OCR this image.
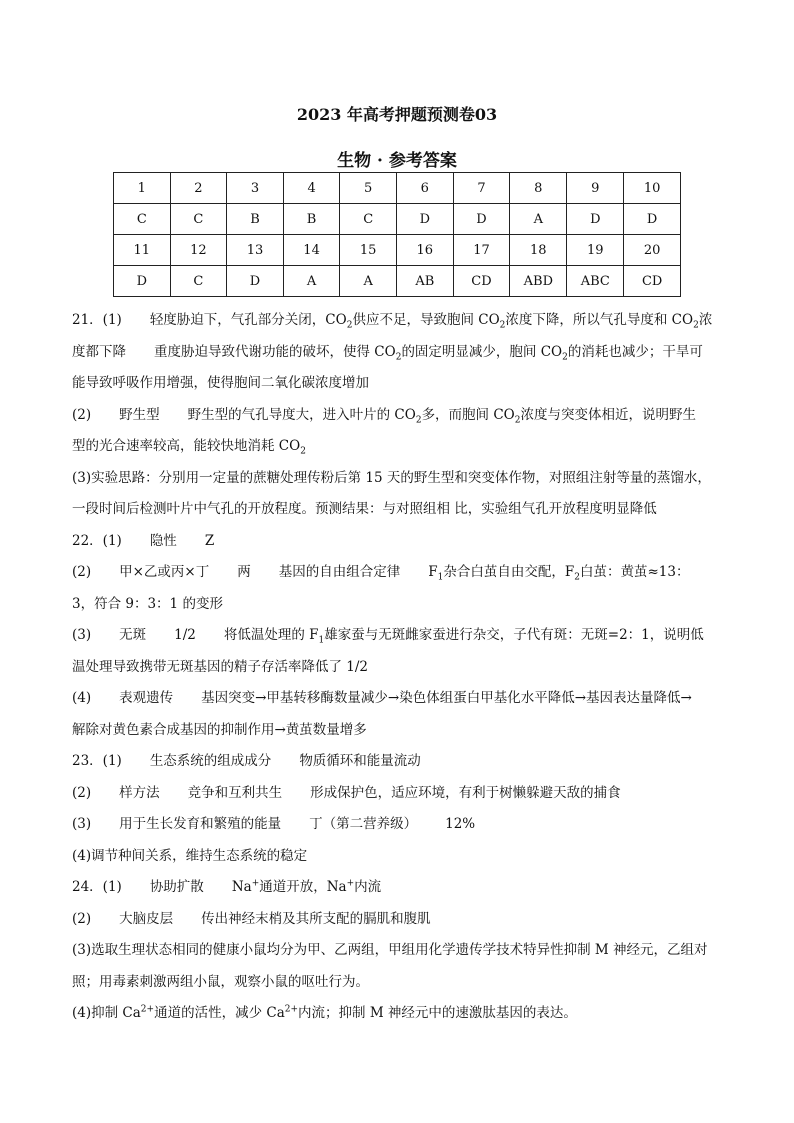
2023 年高考押题预测卷03
生物 · 参考答案
1	2	3	4	5	6	7	8	9	10
C	C	B	B	C	D	D	A	D	D
11	12	13	14	15	16	17	18	19	20
D	C	D	A	A	AB	CD	ABD	ABC	CD
21．(1) 轻度胁迫下，气孔部分关闭，$CO_2$供应不足，导致胞间 $CO_2$浓度下降，所以气孔导度和 $CO_2$浓
度都下降 重度胁迫导致代谢功能的破坏，使得 $CO_2$的固定明显减少，胞间 $CO_2$的消耗也减少；干旱可
能导致呼吸作用增强，使得胞间二氧化碳浓度增加
(2) 野生型 野生型的气孔导度大，进入叶片的 $CO_2$多，而胞间 $CO_2$浓度与突变体相近，说明野生
型的光合速率较高，能较快地消耗 $CO_2$
(3)实验思路：分别用一定量的蔗糖处理传粉后第 15 天的野生型和突变体作物，对照组注射等量的蒸馏水，
一段时间后检测叶片中气孔的开放程度。预测结果：与对照组相 比，实验组气孔开放程度明显降低
22．(1) 隐性 Z
(2) 甲×乙或丙×丁 两 基因的自由组合定律 $F_1$杂合白茧自由交配，$F_2$白茧：黄茧≈13：
3，符合 9：3：1 的变形
(3) 无斑 1/2 将低温处理的 $F_1$雄家蚕与无斑雌家蚕进行杂交，子代有斑：无斑=2：1，说明低
温处理导致携带无斑基因的精子存活率降低了 1/2
(4) 表观遗传 基因突变→甲基转移酶数量减少→染色体组蛋白甲基化水平降低→基因表达量降低→
解除对黄色素合成基因的抑制作用→黄茧数量增多
23．(1) 生态系统的组成成分 物质循环和能量流动
(2) 样方法 竞争和互利共生 形成保护色，适应环境，有利于树懒躲避天敌的捕食
(3) 用于生长发育和繁殖的能量 丁（第二营养级） 12%
(4)调节种间关系，维持生态系统的稳定
24．(1) 协助扩散 Na+通道开放，Na+内流
(2) 大脑皮层 传出神经末梢及其所支配的膈肌和腹肌
(3)选取生理状态相同的健康小鼠均分为甲、乙两组，甲组用化学遗传学技术特异性抑制 M 神经元，乙组对
照；用毒素刺激两组小鼠，观察小鼠的呕吐行为。
(4)抑制 $Ca^{2+}$通道的活性，减少 $Ca^{2+}$内流；抑制 M 神经元中的速激肽基因的表达。
